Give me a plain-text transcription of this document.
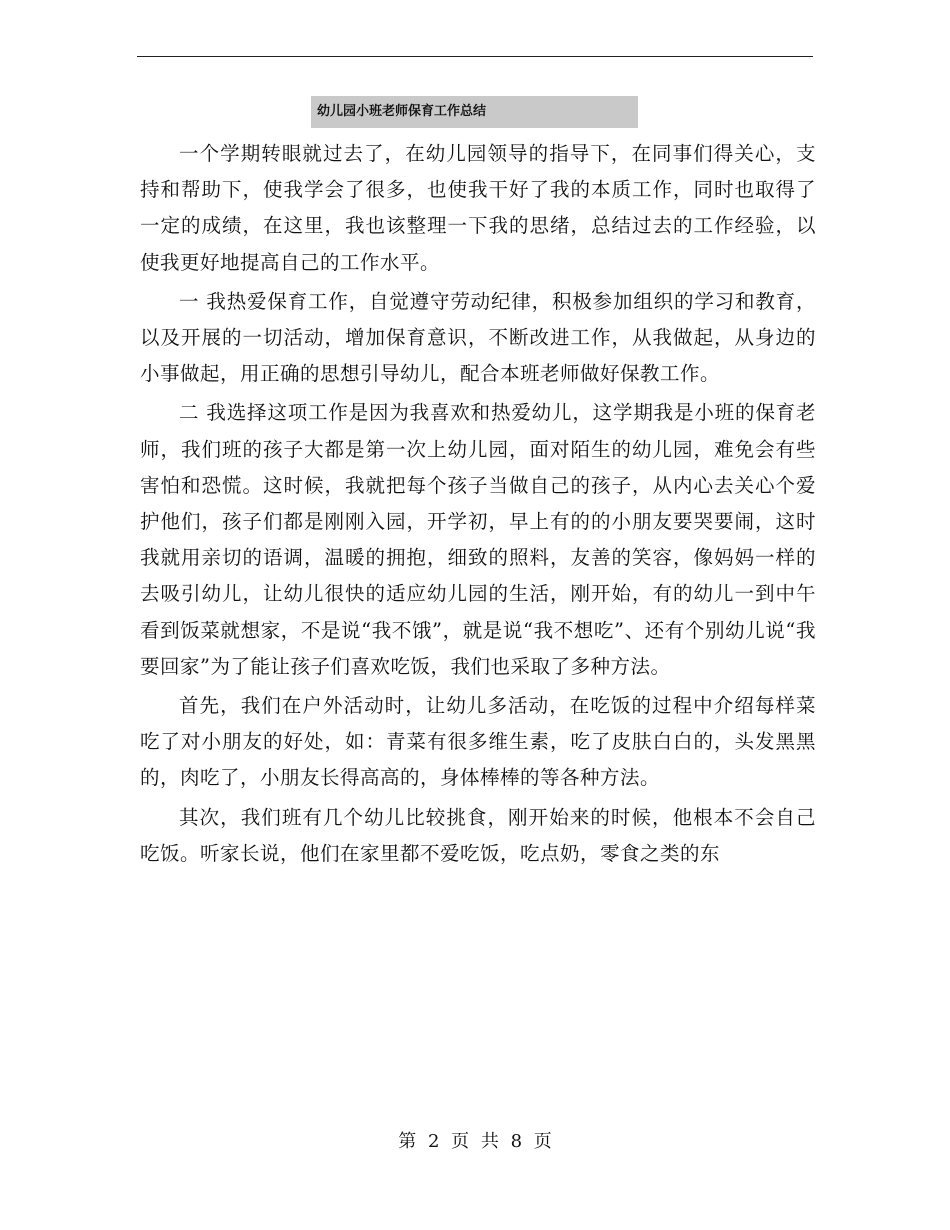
幼儿园小班老师保育工作总结

一个学期转眼就过去了，在幼儿园领导的指导下，在同事们得关心，支持和帮助下，使我学会了很多，也使我干好了我的本质工作，同时也取得了一定的成绩，在这里，我也该整理一下我的思绪，总结过去的工作经验，以使我更好地提高自己的工作水平。

一 我热爱保育工作，自觉遵守劳动纪律，积极参加组织的学习和教育，以及开展的一切活动，增加保育意识，不断改进工作，从我做起，从身边的小事做起，用正确的思想引导幼儿，配合本班老师做好保教工作。

二 我选择这项工作是因为我喜欢和热爱幼儿，这学期我是小班的保育老师，我们班的孩子大都是第一次上幼儿园，面对陌生的幼儿园，难免会有些害怕和恐慌。这时候，我就把每个孩子当做自己的孩子，从内心去关心个爱护他们，孩子们都是刚刚入园，开学初，早上有的的小朋友要哭要闹，这时我就用亲切的语调，温暖的拥抱，细致的照料，友善的笑容，像妈妈一样的去吸引幼儿，让幼儿很快的适应幼儿园的生活，刚开始，有的幼儿一到中午看到饭菜就想家，不是说“我不饿”，就是说“我不想吃”、还有个别幼儿说“我要回家”为了能让孩子们喜欢吃饭，我们也采取了多种方法。

首先，我们在户外活动时，让幼儿多活动，在吃饭的过程中介绍每样菜吃了对小朋友的好处，如：青菜有很多维生素，吃了皮肤白白的，头发黑黑的，肉吃了，小朋友长得高高的，身体棒棒的等各种方法。

其次，我们班有几个幼儿比较挑食，刚开始来的时候，他根本不会自己吃饭。听家长说，他们在家里都不爱吃饭，吃点奶，零食之类的东

第 2 页 共 8 页
